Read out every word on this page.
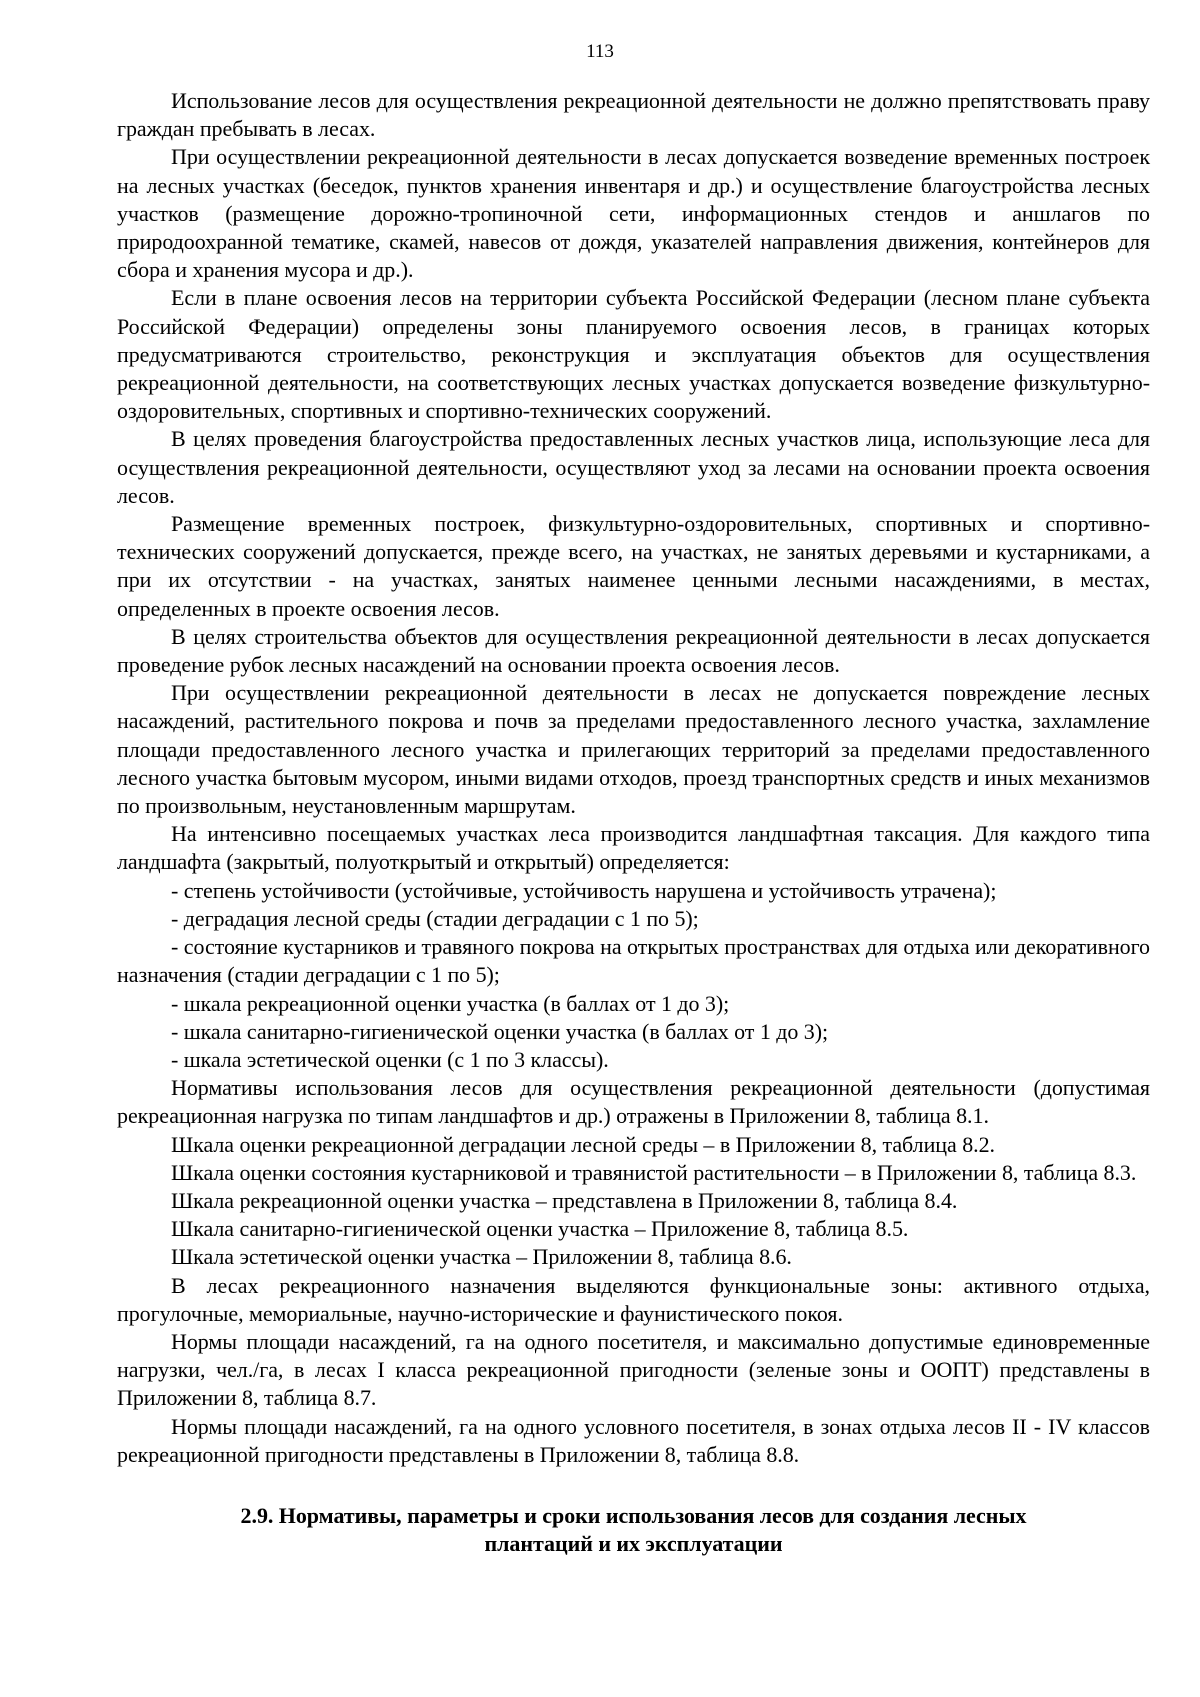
113

Использование лесов для осуществления рекреационной деятельности не должно препятствовать праву граждан пребывать в лесах.

При осуществлении рекреационной деятельности в лесах допускается возведение временных построек на лесных участках (беседок, пунктов хранения инвентаря и др.) и осуществление благоустройства лесных участков (размещение дорожно-тропиночной сети, информационных стендов и аншлагов по природоохранной тематике, скамей, навесов от дождя, указателей направления движения, контейнеров для сбора и хранения мусора и др.).

Если в плане освоения лесов на территории субъекта Российской Федерации (лесном плане субъекта Российской Федерации) определены зоны планируемого освоения лесов, в границах которых предусматриваются строительство, реконструкция и эксплуатация объектов для осуществления рекреационной деятельности, на соответствующих лесных участках допускается возведение физкультурно-оздоровительных, спортивных и спортивно-технических сооружений.

В целях проведения благоустройства предоставленных лесных участков лица, использующие леса для осуществления рекреационной деятельности, осуществляют уход за лесами на основании проекта освоения лесов.

Размещение временных построек, физкультурно-оздоровительных, спортивных и спортивно-технических сооружений допускается, прежде всего, на участках, не занятых деревьями и кустарниками, а при их отсутствии - на участках, занятых наименее ценными лесными насаждениями, в местах, определенных в проекте освоения лесов.

В целях строительства объектов для осуществления рекреационной деятельности в лесах допускается проведение рубок лесных насаждений на основании проекта освоения лесов.

При осуществлении рекреационной деятельности в лесах не допускается повреждение лесных насаждений, растительного покрова и почв за пределами предоставленного лесного участка, захламление площади предоставленного лесного участка и прилегающих территорий за пределами предоставленного лесного участка бытовым мусором, иными видами отходов, проезд транспортных средств и иных механизмов по произвольным, неустановленным маршрутам.

На интенсивно посещаемых участках леса производится ландшафтная таксация. Для каждого типа ландшафта (закрытый, полуоткрытый и открытый) определяется:

- степень устойчивости (устойчивые, устойчивость нарушена и устойчивость утрачена);

- деградация лесной среды (стадии деградации с 1 по 5);

- состояние кустарников и травяного покрова на открытых пространствах для отдыха или декоративного назначения (стадии деградации с 1 по 5);

- шкала рекреационной оценки участка (в баллах от 1 до 3);

- шкала санитарно-гигиенической оценки участка (в баллах от 1 до 3);

- шкала эстетической оценки (с 1 по 3 классы).

Нормативы использования лесов для осуществления рекреационной деятельности (допустимая рекреационная нагрузка по типам ландшафтов и др.) отражены в Приложении 8, таблица 8.1.

Шкала оценки рекреационной деградации лесной среды – в Приложении 8, таблица 8.2.

Шкала оценки состояния кустарниковой и травянистой растительности – в Приложении 8, таблица 8.3.

Шкала рекреационной оценки участка – представлена в Приложении 8, таблица 8.4.

Шкала санитарно-гигиенической оценки участка – Приложение 8, таблица 8.5.

Шкала эстетической оценки участка – Приложении 8, таблица 8.6.

В лесах рекреационного назначения выделяются функциональные зоны: активного отдыха, прогулочные, мемориальные, научно-исторические и фаунистического покоя.

Нормы площади насаждений, га на одного посетителя, и максимально допустимые единовременные нагрузки, чел./га, в лесах I класса рекреационной пригодности (зеленые зоны и ООПТ) представлены в Приложении 8, таблица 8.7.

Нормы площади насаждений, га на одного условного посетителя, в зонах отдыха лесов II - IV классов рекреационной пригодности представлены в Приложении 8, таблица 8.8.

2.9. Нормативы, параметры и сроки использования лесов для создания лесных
плантаций и их эксплуатации
